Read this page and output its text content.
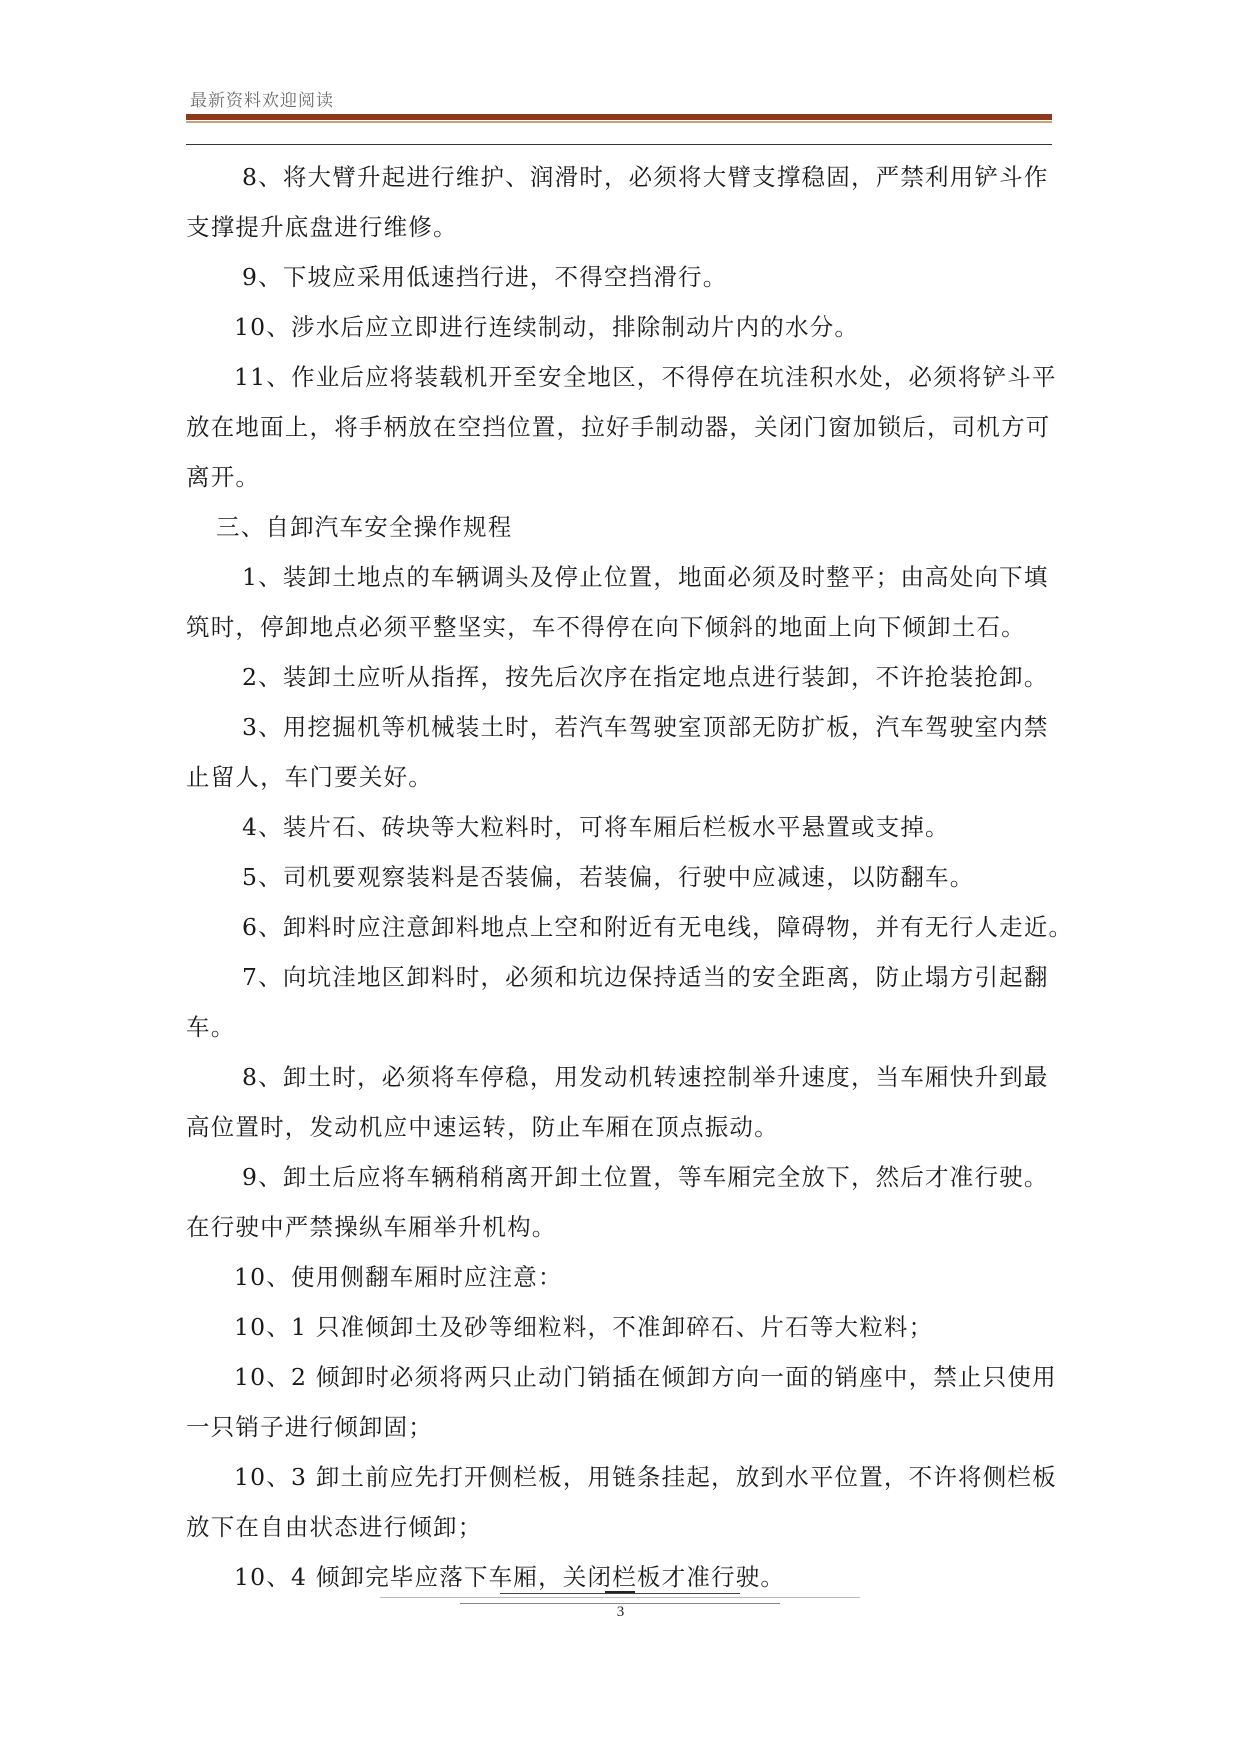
最新资料欢迎阅读

8、将大臂升起进行维护、润滑时，必须将大臂支撑稳固，严禁利用铲斗作

支撑提升底盘进行维修。

9、下坡应采用低速挡行进，不得空挡滑行。

10、涉水后应立即进行连续制动，排除制动片内的水分。

11、作业后应将装载机开至安全地区，不得停在坑洼积水处，必须将铲斗平

放在地面上，将手柄放在空挡位置，拉好手制动器，关闭门窗加锁后，司机方可

离开。

三、自卸汽车安全操作规程

1、装卸土地点的车辆调头及停止位置，地面必须及时整平；由高处向下填

筑时，停卸地点必须平整坚实，车不得停在向下倾斜的地面上向下倾卸土石。

2、装卸土应听从指挥，按先后次序在指定地点进行装卸，不许抢装抢卸。

3、用挖掘机等机械装土时，若汽车驾驶室顶部无防扩板，汽车驾驶室内禁

止留人，车门要关好。

4、装片石、砖块等大粒料时，可将车厢后栏板水平悬置或支掉。

5、司机要观察装料是否装偏，若装偏，行驶中应减速，以防翻车。

6、卸料时应注意卸料地点上空和附近有无电线，障碍物，并有无行人走近。

7、向坑洼地区卸料时，必须和坑边保持适当的安全距离，防止塌方引起翻

车。

8、卸土时，必须将车停稳，用发动机转速控制举升速度，当车厢快升到最

高位置时，发动机应中速运转，防止车厢在顶点振动。

9、卸土后应将车辆稍稍离开卸土位置，等车厢完全放下，然后才准行驶。

在行驶中严禁操纵车厢举升机构。

10、使用侧翻车厢时应注意：

10、1 只准倾卸土及砂等细粒料，不准卸碎石、片石等大粒料；

10、2 倾卸时必须将两只止动门销插在倾卸方向一面的销座中，禁止只使用

一只销子进行倾卸固；

10、3 卸土前应先打开侧栏板，用链条挂起，放到水平位置，不许将侧栏板

放下在自由状态进行倾卸；

10、4 倾卸完毕应落下车厢，关闭栏板才准行驶。

3
